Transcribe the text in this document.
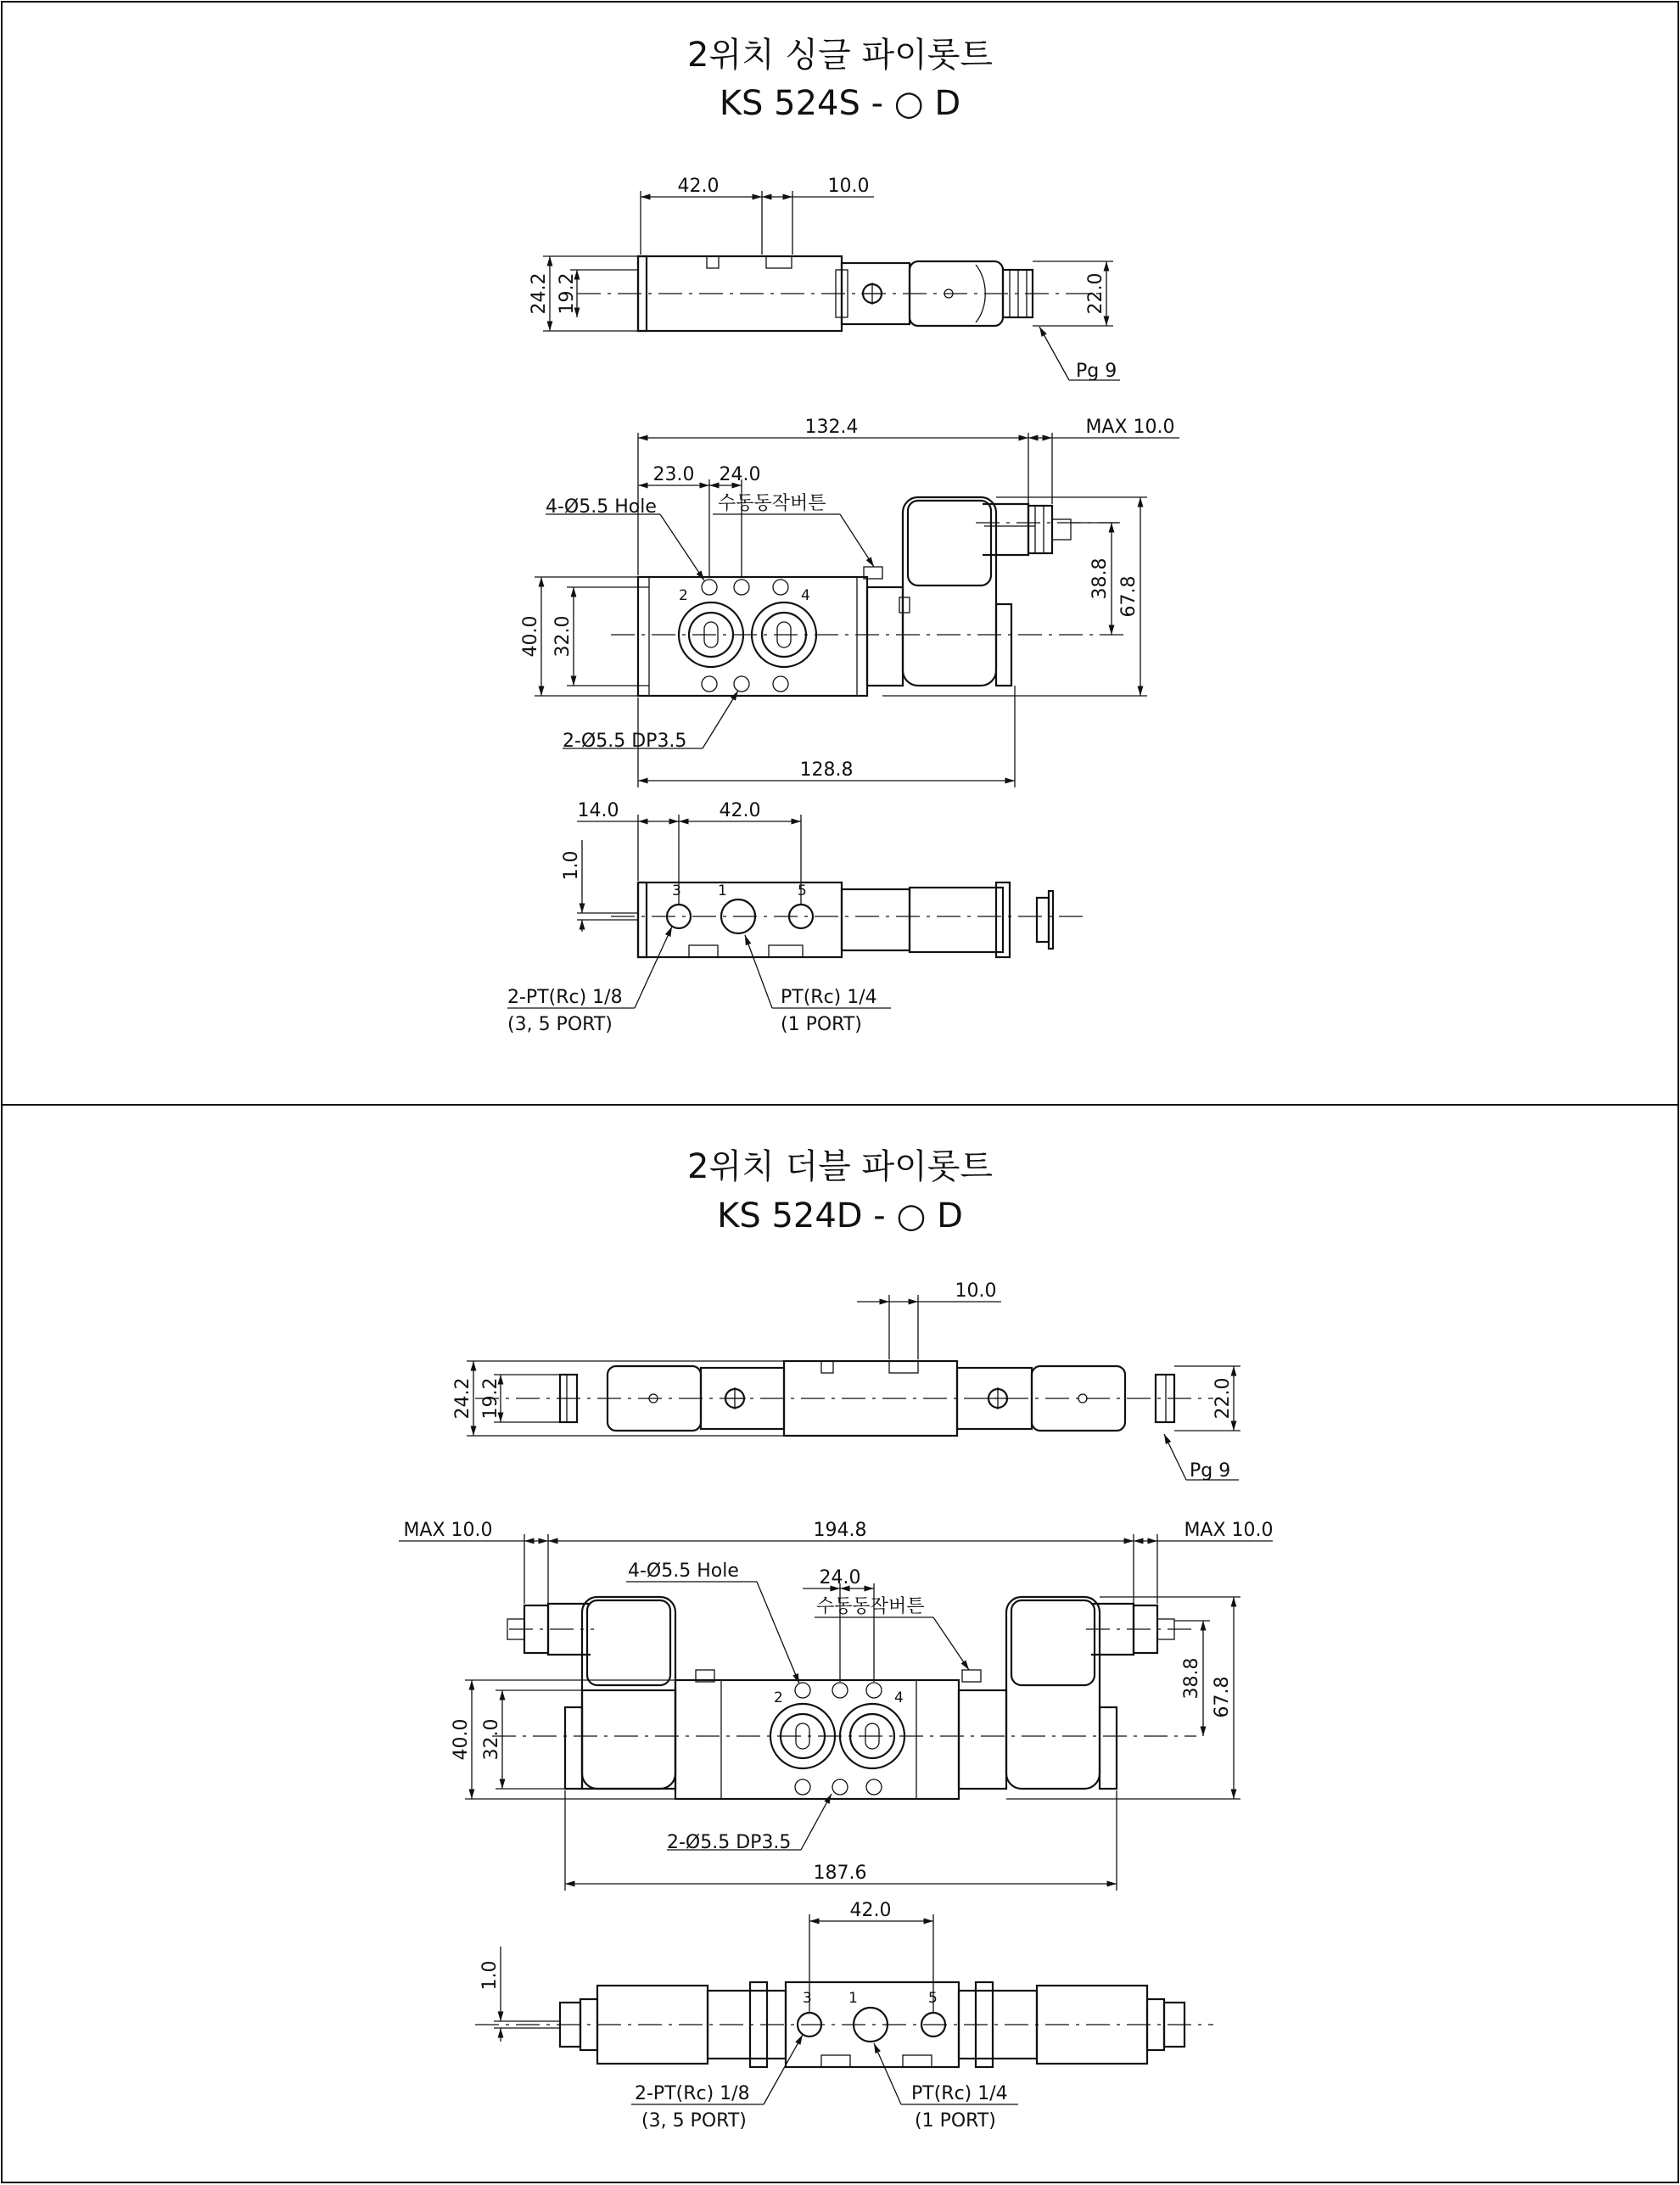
2위치 싱글 파이롯트
KS 524S - ○ D
42.0	10.0
24.2 19.2	22.0
Pg 9
2	4
132.4	MAX 10.0
23.0 24.0
4-Ø5.5 Hole	수동동작버튼
40.0 32.0
38.8 67.8
2-Ø5.5 DP3.5
128.8
3	1	5
14.0	42.0
1.0
2-PT(Rc) 1/8
(3, 5 PORT)
PT(Rc) 1/4
(1 PORT)
2위치 더블 파이롯트
KS 524D - ○ D
10.0
24.2 19.2	22.0
Pg 9
2	4
MAX 10.0	194.8	MAX 10.0
24.0
4-Ø5.5 Hole
수동동작버튼
40.0 32.0
38.8 67.8
2-Ø5.5 DP3.5
187.6
3	1	5
42.0
1.0
2-PT(Rc) 1/8
(3, 5 PORT)
PT(Rc) 1/4
(1 PORT)
